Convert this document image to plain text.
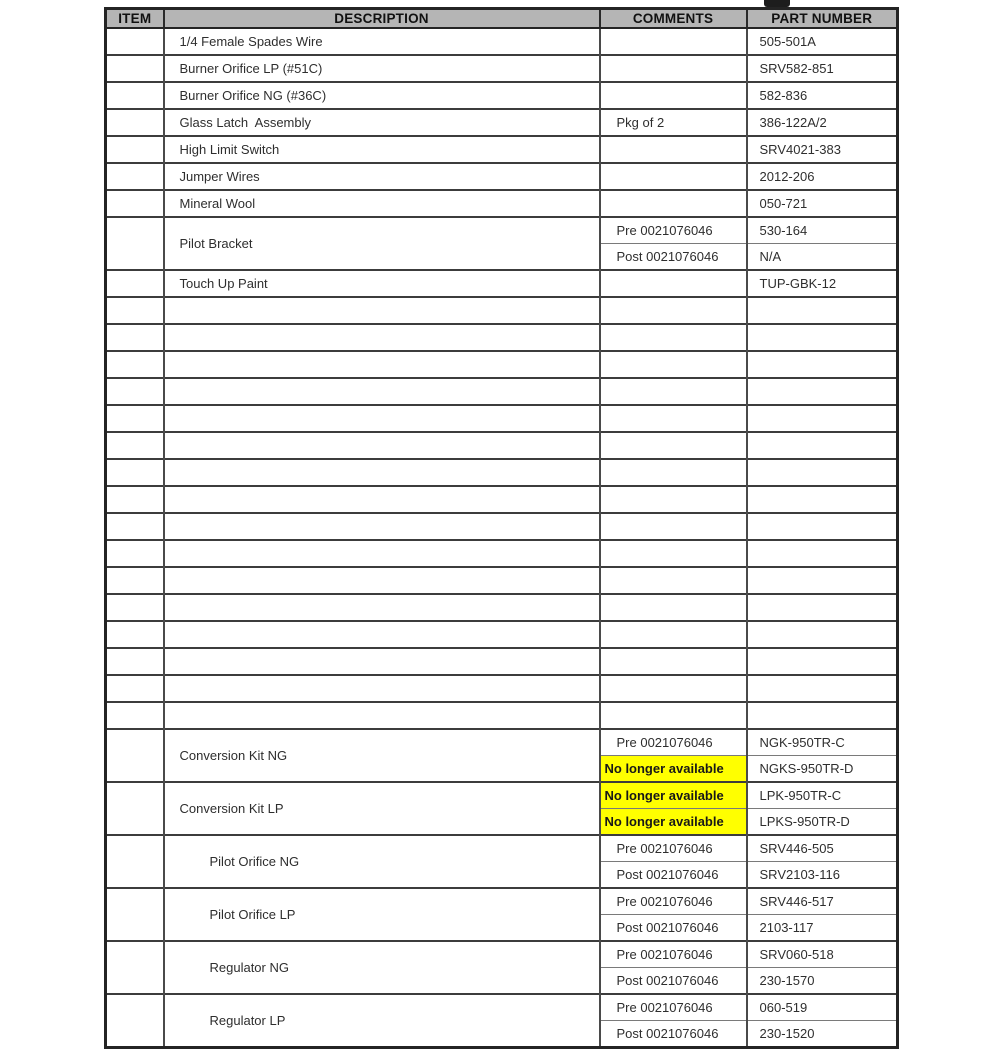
ITEM	DESCRIPTION	COMMENTS	PART NUMBER
	1/4 Female Spades Wire		505-501A
	Burner Orifice LP (#51C)		SRV582-851
	Burner Orifice NG (#36C)		582-836
	Glass Latch  Assembly	Pkg of 2	386-122A/2
	High Limit Switch		SRV4021-383
	Jumper Wires		2012-206
	Mineral Wool		050-721
	Pilot Bracket	Pre 0021076046	530-164
		Post 0021076046	N/A
	Touch Up Paint		TUP-GBK-12

	Conversion Kit NG	Pre 0021076046	NGK-950TR-C
		No longer available	NGKS-950TR-D
	Conversion Kit LP	No longer available	LPK-950TR-C
		No longer available	LPKS-950TR-D
	Pilot Orifice NG	Pre 0021076046	SRV446-505
		Post 0021076046	SRV2103-116
	Pilot Orifice LP	Pre 0021076046	SRV446-517
		Post 0021076046	2103-117
	Regulator NG	Pre 0021076046	SRV060-518
		Post 0021076046	230-1570
	Regulator LP	Pre 0021076046	060-519
		Post 0021076046	230-1520
